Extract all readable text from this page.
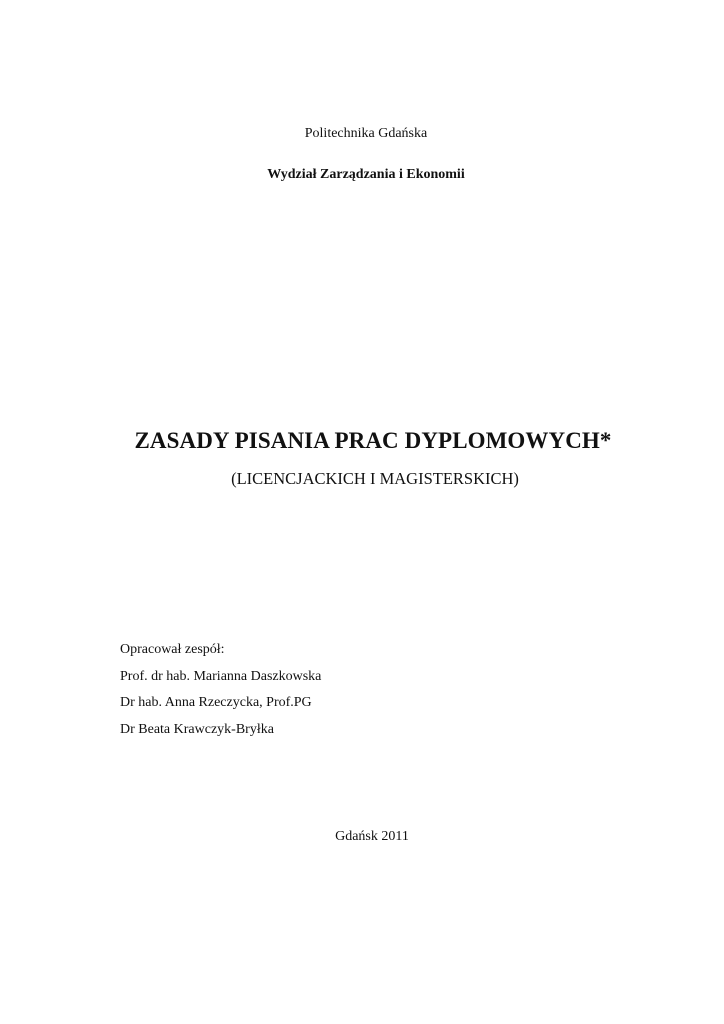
Politechnika Gdańska
Wydział Zarządzania i Ekonomii
ZASADY PISANIA PRAC DYPLOMOWYCH*
(LICENCJACKICH I MAGISTERSKICH)
Opracował zespół:
Prof. dr hab. Marianna Daszkowska
Dr hab. Anna Rzeczycka, Prof.PG
Dr Beata Krawczyk-Bryłka
Gdańsk 2011
